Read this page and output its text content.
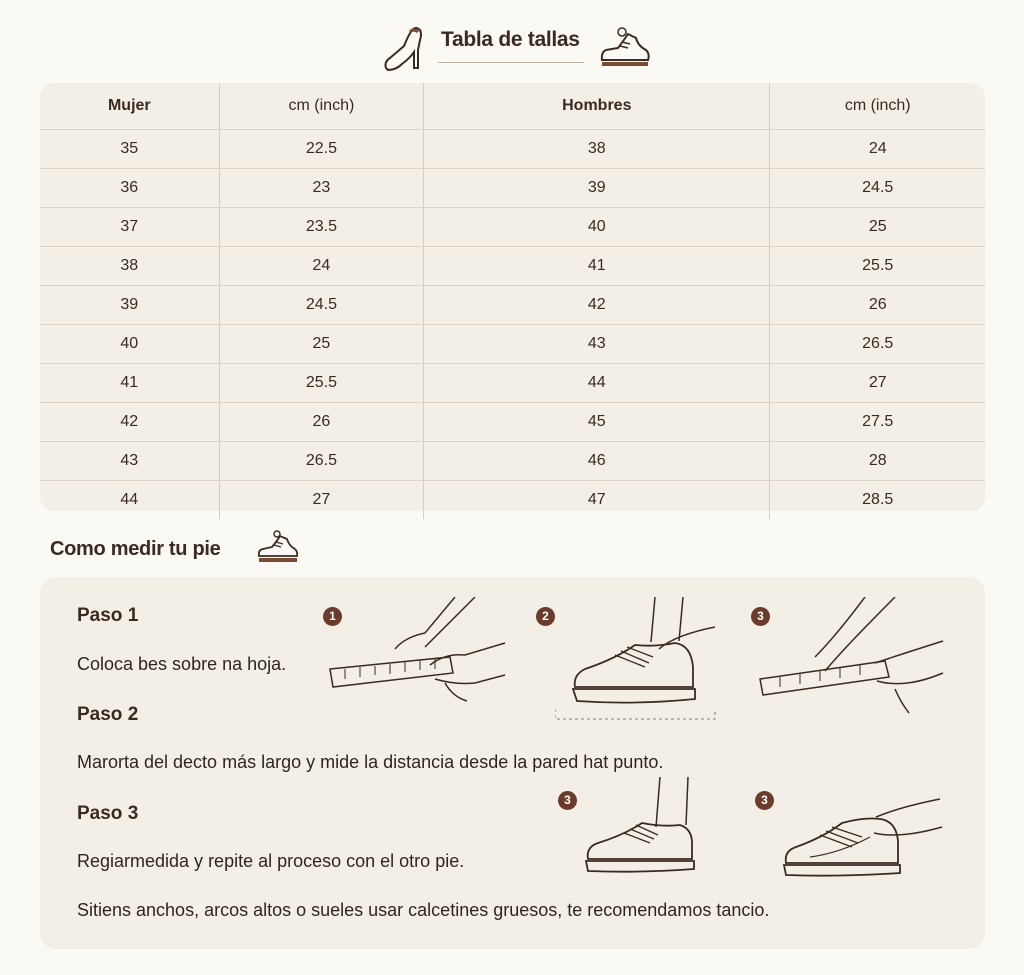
Tabla de tallas
Mujer	cm (inch)	Hombres	cm (inch)
35	22.5	38	24
36	23	39	24.5
37	23.5	40	25
38	24	41	25.5
39	24.5	42	26
40	25	43	26.5
41	25.5	44	27
42	26	45	27.5
43	26.5	46	28
44	27	47	28.5
Como medir tu pie
Paso 1
Coloca bes sobre na hoja.
Paso 2
Marorta del decto más largo y mide la distancia desde la pared hat punto.
Paso 3
Regiarmedida y repite al proceso con el otro pie.
Sitiens anchos, arcos altos o sueles usar calcetines gruesos, te recomendamos tancio.
1	2	3
3	3
